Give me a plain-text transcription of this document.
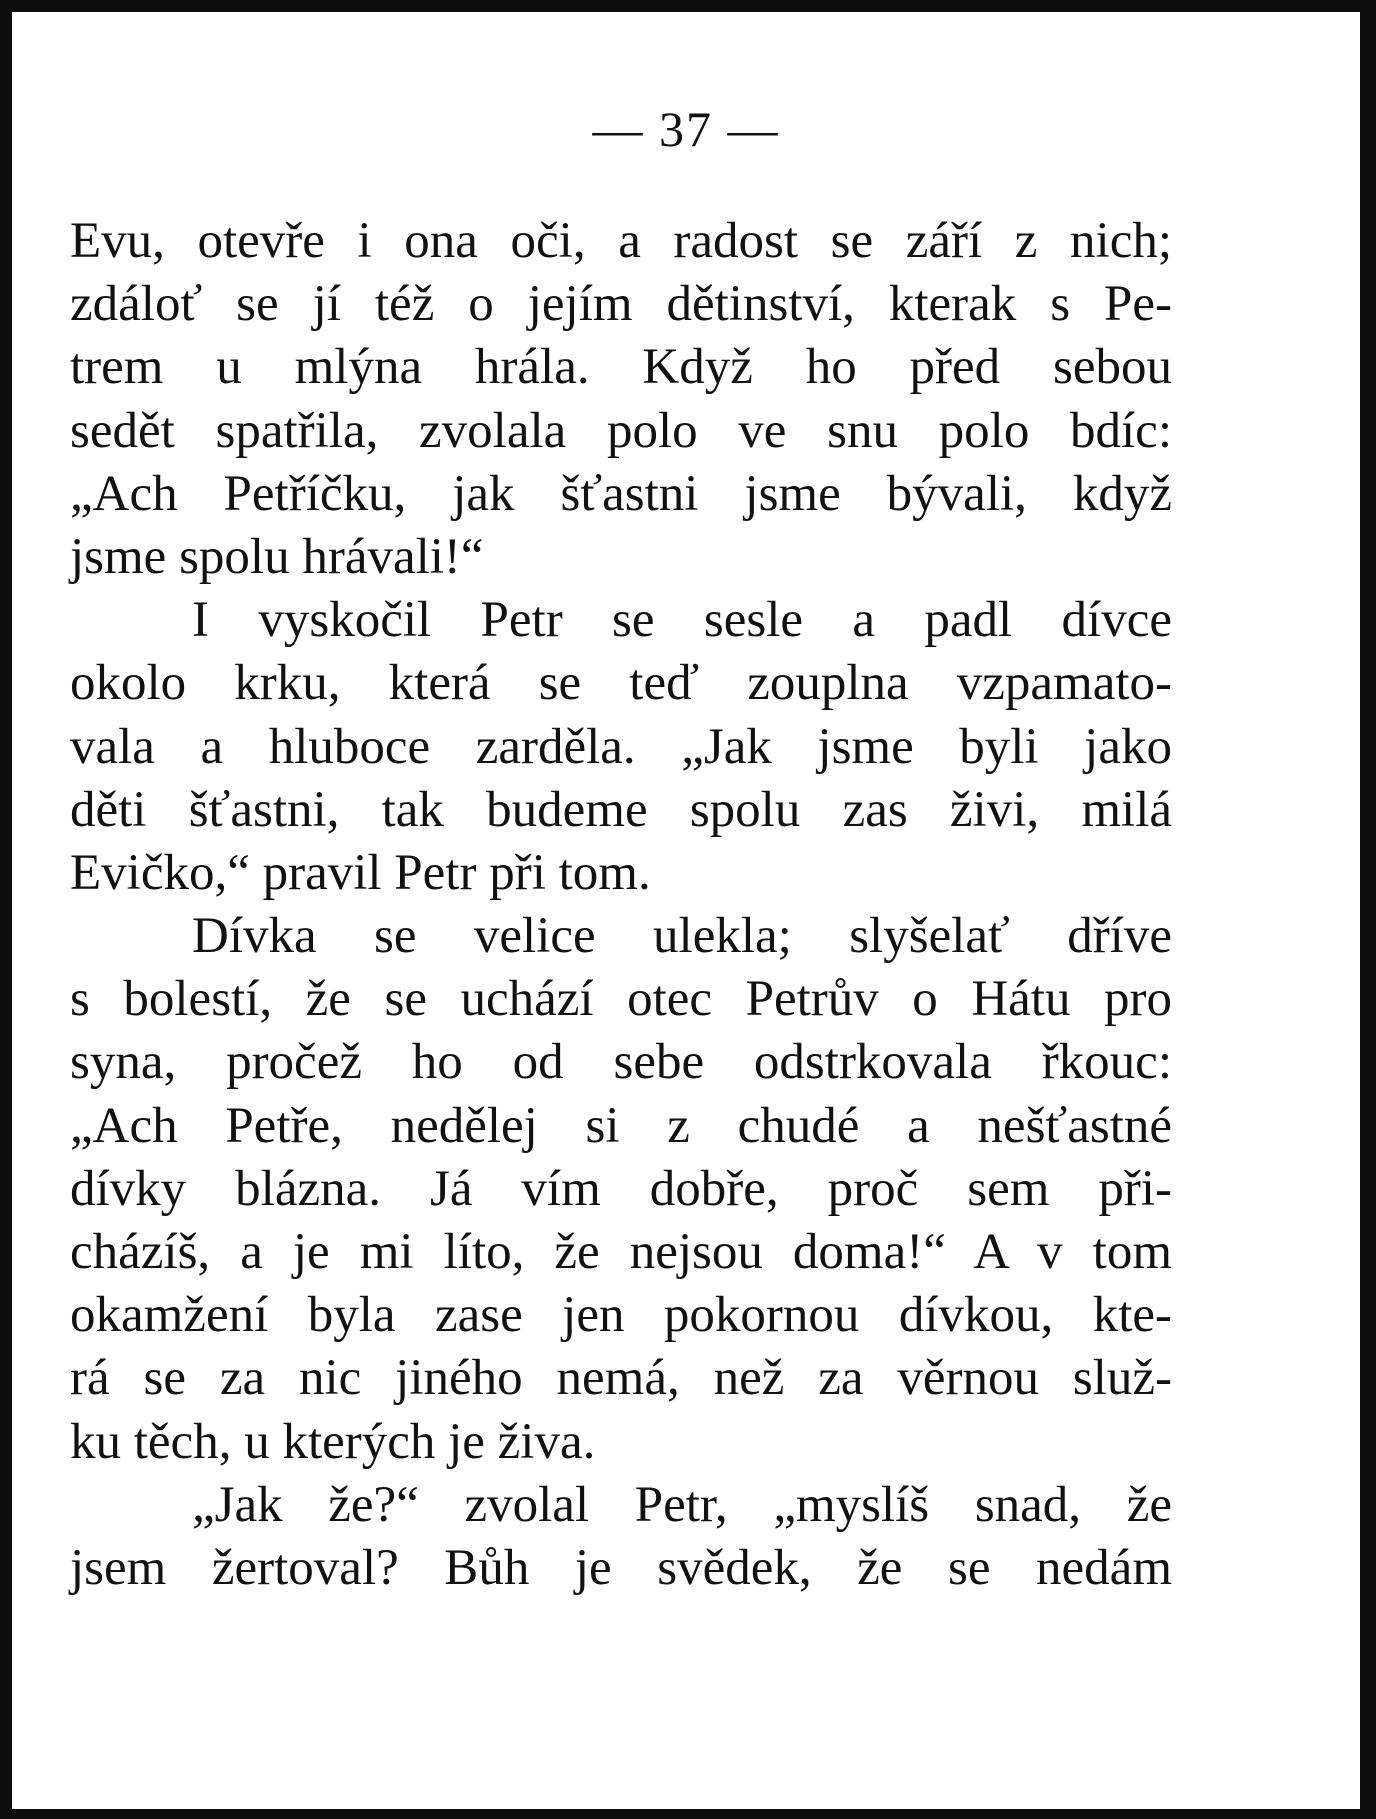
— 37 —
Evu, otevře i ona oči, a radost se září z nich;
zdáloť se jí též o jejím dětinství, kterak s Pe-
trem u mlýna hrála. Když ho před sebou
sedět spatřila, zvolala polo ve snu polo bdíc:
„Ach Petříčku, jak šťastni jsme bývali, když
jsme spolu hrávali!“
I vyskočil Petr se sesle a padl dívce
okolo krku, která se teď zouplna vzpamato-
vala a hluboce zarděla. „Jak jsme byli jako
děti šťastni, tak budeme spolu zas živi, milá
Evičko,“ pravil Petr při tom.
Dívka se velice ulekla; slyšelať dříve
s bolestí, že se uchází otec Petrův o Hátu pro
syna, pročež ho od sebe odstrkovala řkouc:
„Ach Petře, nedělej si z chudé a nešťastné
dívky blázna. Já vím dobře, proč sem při-
cházíš, a je mi líto, že nejsou doma!“ A v tom
okamžení byla zase jen pokornou dívkou, kte-
rá se za nic jiného nemá, než za věrnou služ-
ku těch, u kterých je živa.
„Jak že?“ zvolal Petr, „myslíš snad, že
jsem žertoval? Bůh je svědek, že se nedám
